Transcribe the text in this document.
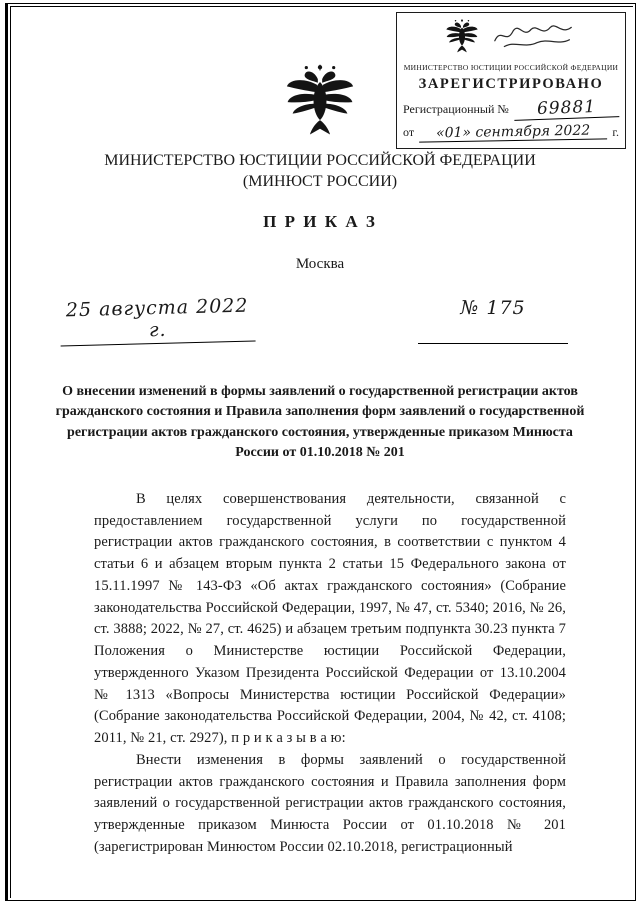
МИНИСТЕРСТВО ЮСТИЦИИ РОССИЙСКОЙ ФЕДЕРАЦИИ
ЗАРЕГИСТРИРОВАНО
Регистрационный №	69881
от	«01» сентября 2022	г.
МИНИСТЕРСТВО ЮСТИЦИИ РОССИЙСКОЙ ФЕДЕРАЦИИ
(МИНЮСТ РОССИИ)
П Р И К А З
Москва
25 августа 2022 г.
№ 175
О внесении изменений в формы заявлений о государственной регистрации актов гражданского состояния и Правила заполнения форм заявлений о государственной регистрации актов гражданского состояния, утвержденные приказом Минюста России от 01.10.2018 № 201

В целях совершенствования деятельности, связанной с предоставлением государственной услуги по государственной регистрации актов гражданского состояния, в соответствии с пунктом 4 статьи 6 и абзацем вторым пункта 2 статьи 15 Федерального закона от 15.11.1997 № 143-ФЗ «Об актах гражданского состояния» (Собрание законодательства Российской Федерации, 1997, № 47, ст. 5340; 2016, № 26, ст. 3888; 2022, № 27, ст. 4625) и абзацем третьим подпункта 30.23 пункта 7 Положения о Министерстве юстиции Российской Федерации, утвержденного Указом Президента Российской Федерации от 13.10.2004 № 1313 «Вопросы Министерства юстиции Российской Федерации» (Собрание законодательства Российской Федерации, 2004, № 42, ст. 4108; 2011, № 21, ст. 2927), п р и к а з ы в а ю:

Внести изменения в формы заявлений о государственной регистрации актов гражданского состояния и Правила заполнения форм заявлений о государственной регистрации актов гражданского состояния, утвержденные приказом Минюста России от 01.10.2018 № 201 (зарегистрирован Минюстом России 02.10.2018, регистрационный
